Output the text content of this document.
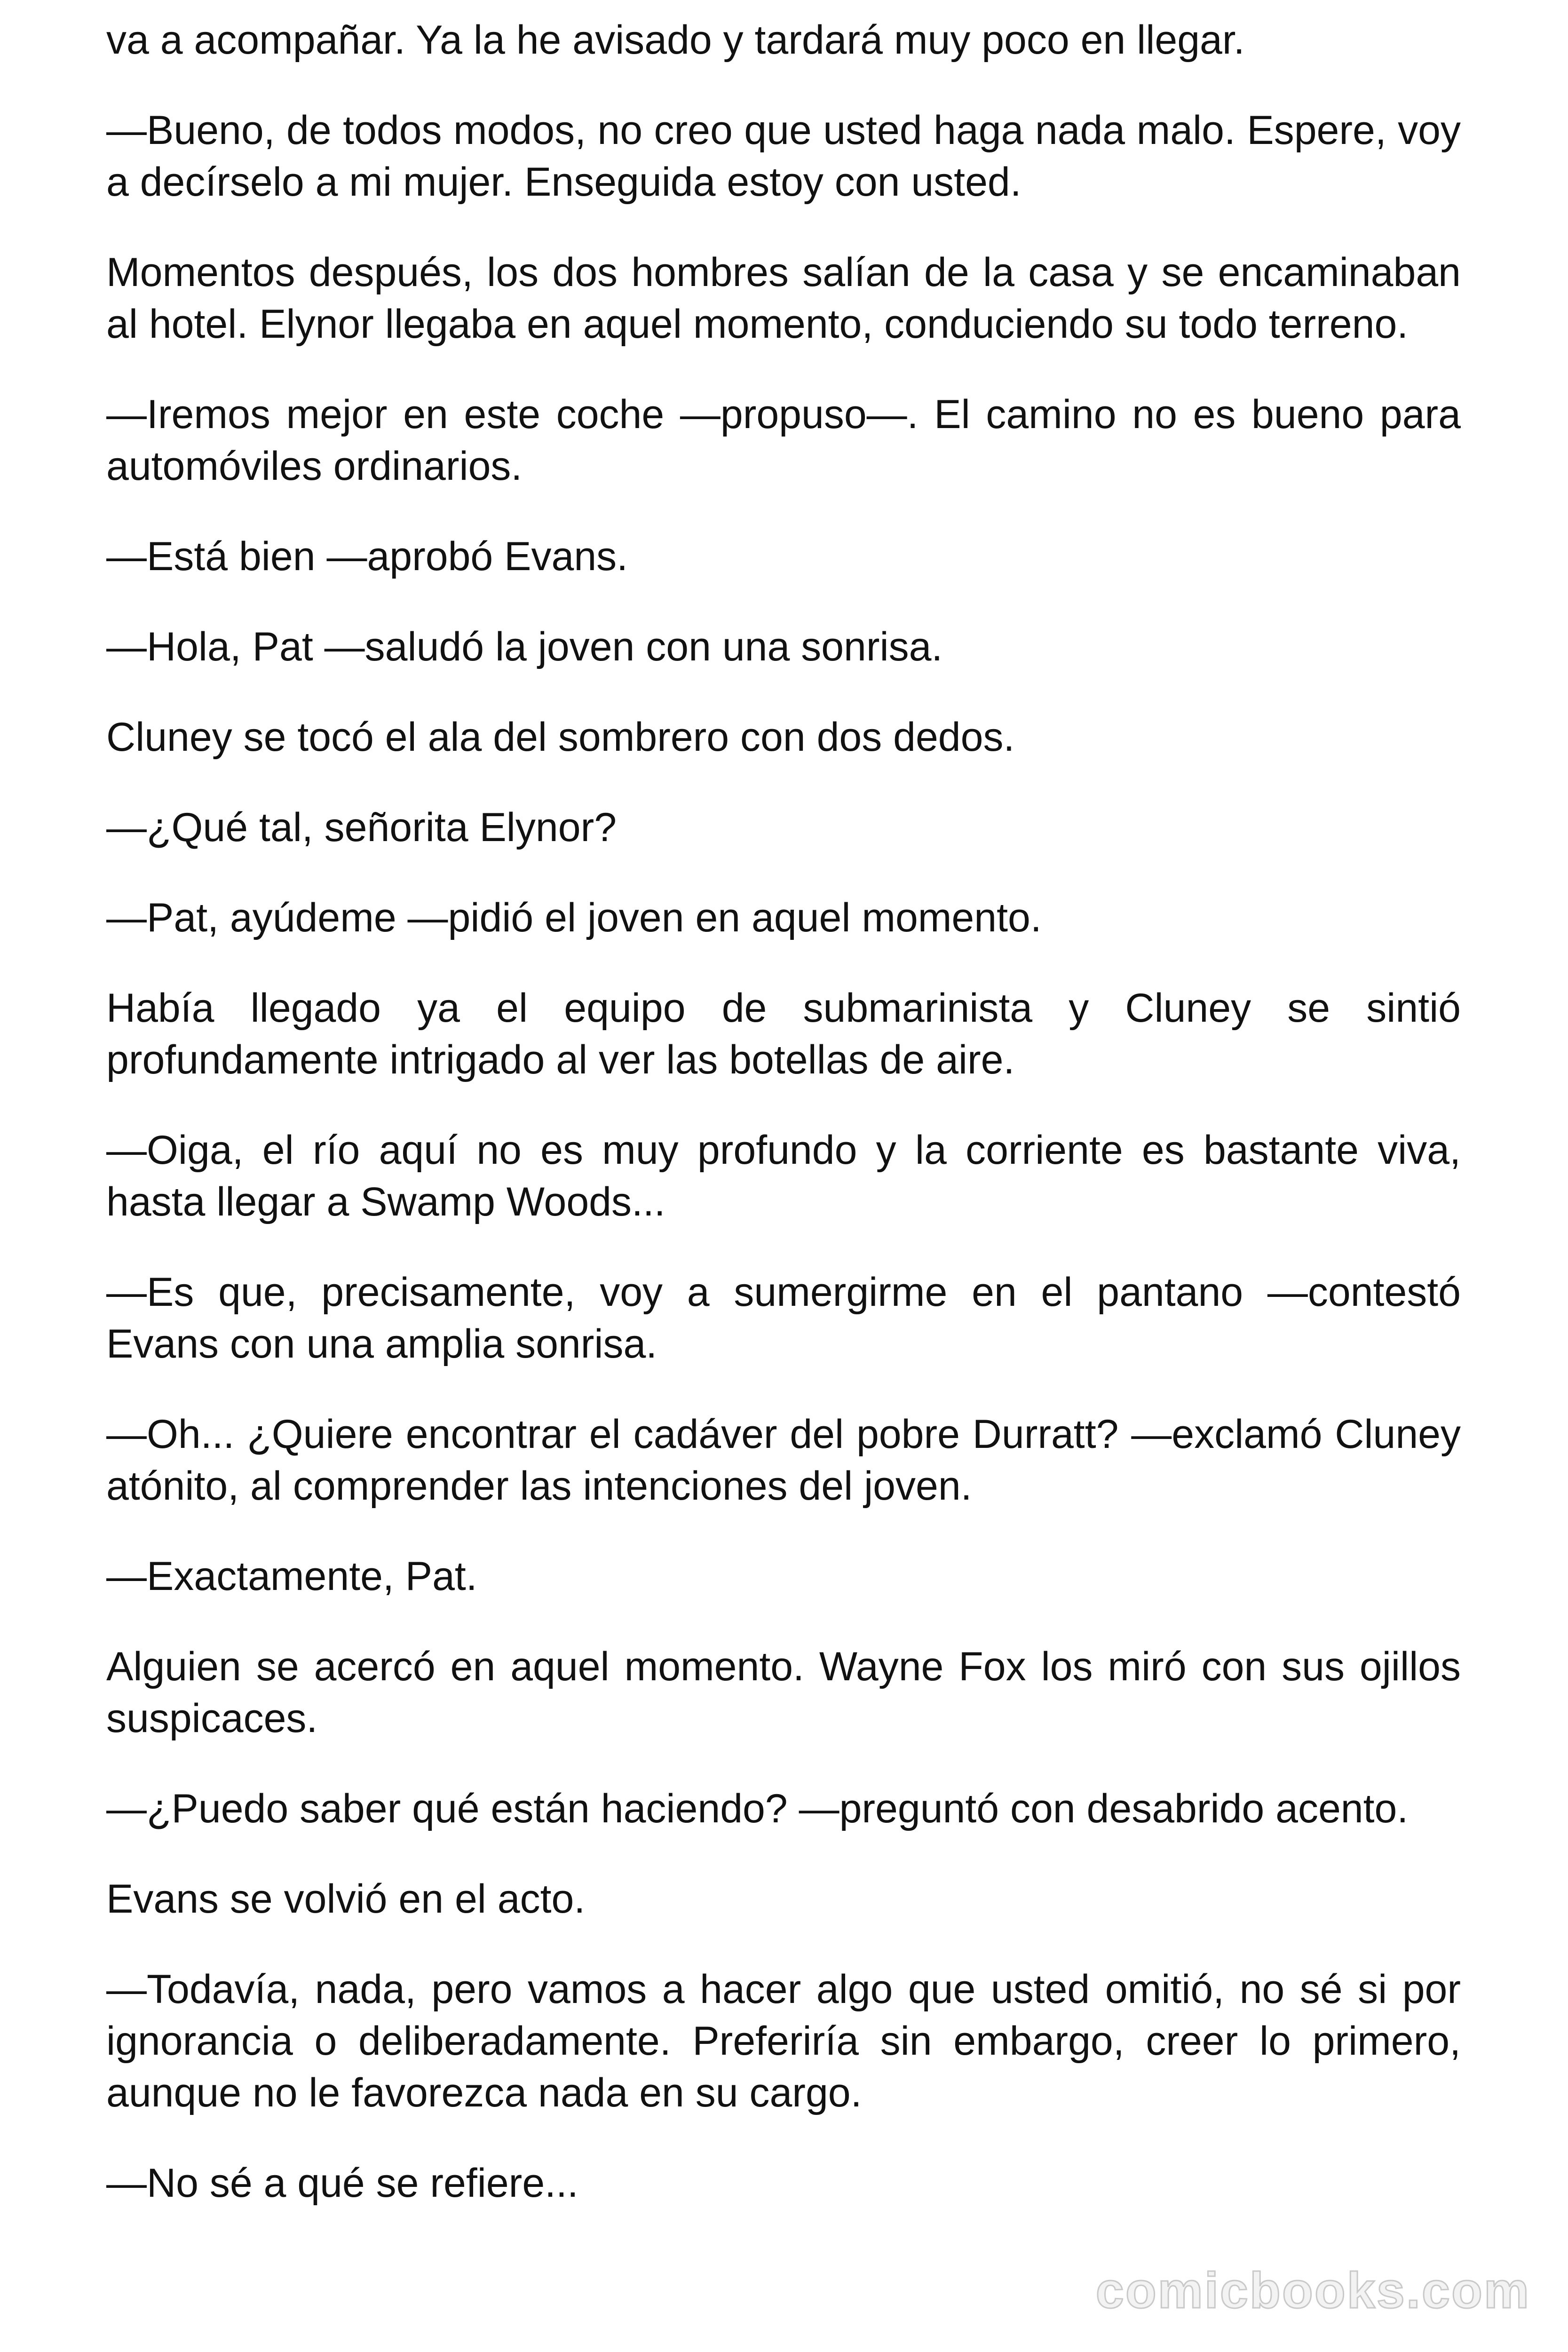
va a acompañar. Ya la he avisado y tardará muy poco en llegar.

—Bueno, de todos modos, no creo que usted haga nada malo. Espere, voy a decírselo a mi mujer. Enseguida estoy con usted.

Momentos después, los dos hombres salían de la casa y se encaminaban al hotel. Elynor llegaba en aquel momento, conduciendo su todo terreno.

—Iremos mejor en este coche —propuso—. El camino no es bueno para automóviles ordinarios.

—Está bien —aprobó Evans.

—Hola, Pat —saludó la joven con una sonrisa.

Cluney se tocó el ala del sombrero con dos dedos.

—¿Qué tal, señorita Elynor?

—Pat, ayúdeme —pidió el joven en aquel momento.

Había llegado ya el equipo de submarinista y Cluney se sintió profundamente intrigado al ver las botellas de aire.

—Oiga, el río aquí no es muy profundo y la corriente es bastante viva, hasta llegar a Swamp Woods...

—Es que, precisamente, voy a sumergirme en el pantano —contestó Evans con una amplia sonrisa.

—Oh... ¿Quiere encontrar el cadáver del pobre Durratt? —exclamó Cluney atónito, al comprender las intenciones del joven.

—Exactamente, Pat.

Alguien se acercó en aquel momento. Wayne Fox los miró con sus ojillos suspicaces.

—¿Puedo saber qué están haciendo? —preguntó con desabrido acento.

Evans se volvió en el acto.

—Todavía, nada, pero vamos a hacer algo que usted omitió, no sé si por ignorancia o deliberadamente. Preferiría sin embargo, creer lo primero, aunque no le favorezca nada en su cargo.

—No sé a qué se refiere...

comicbooks.com
